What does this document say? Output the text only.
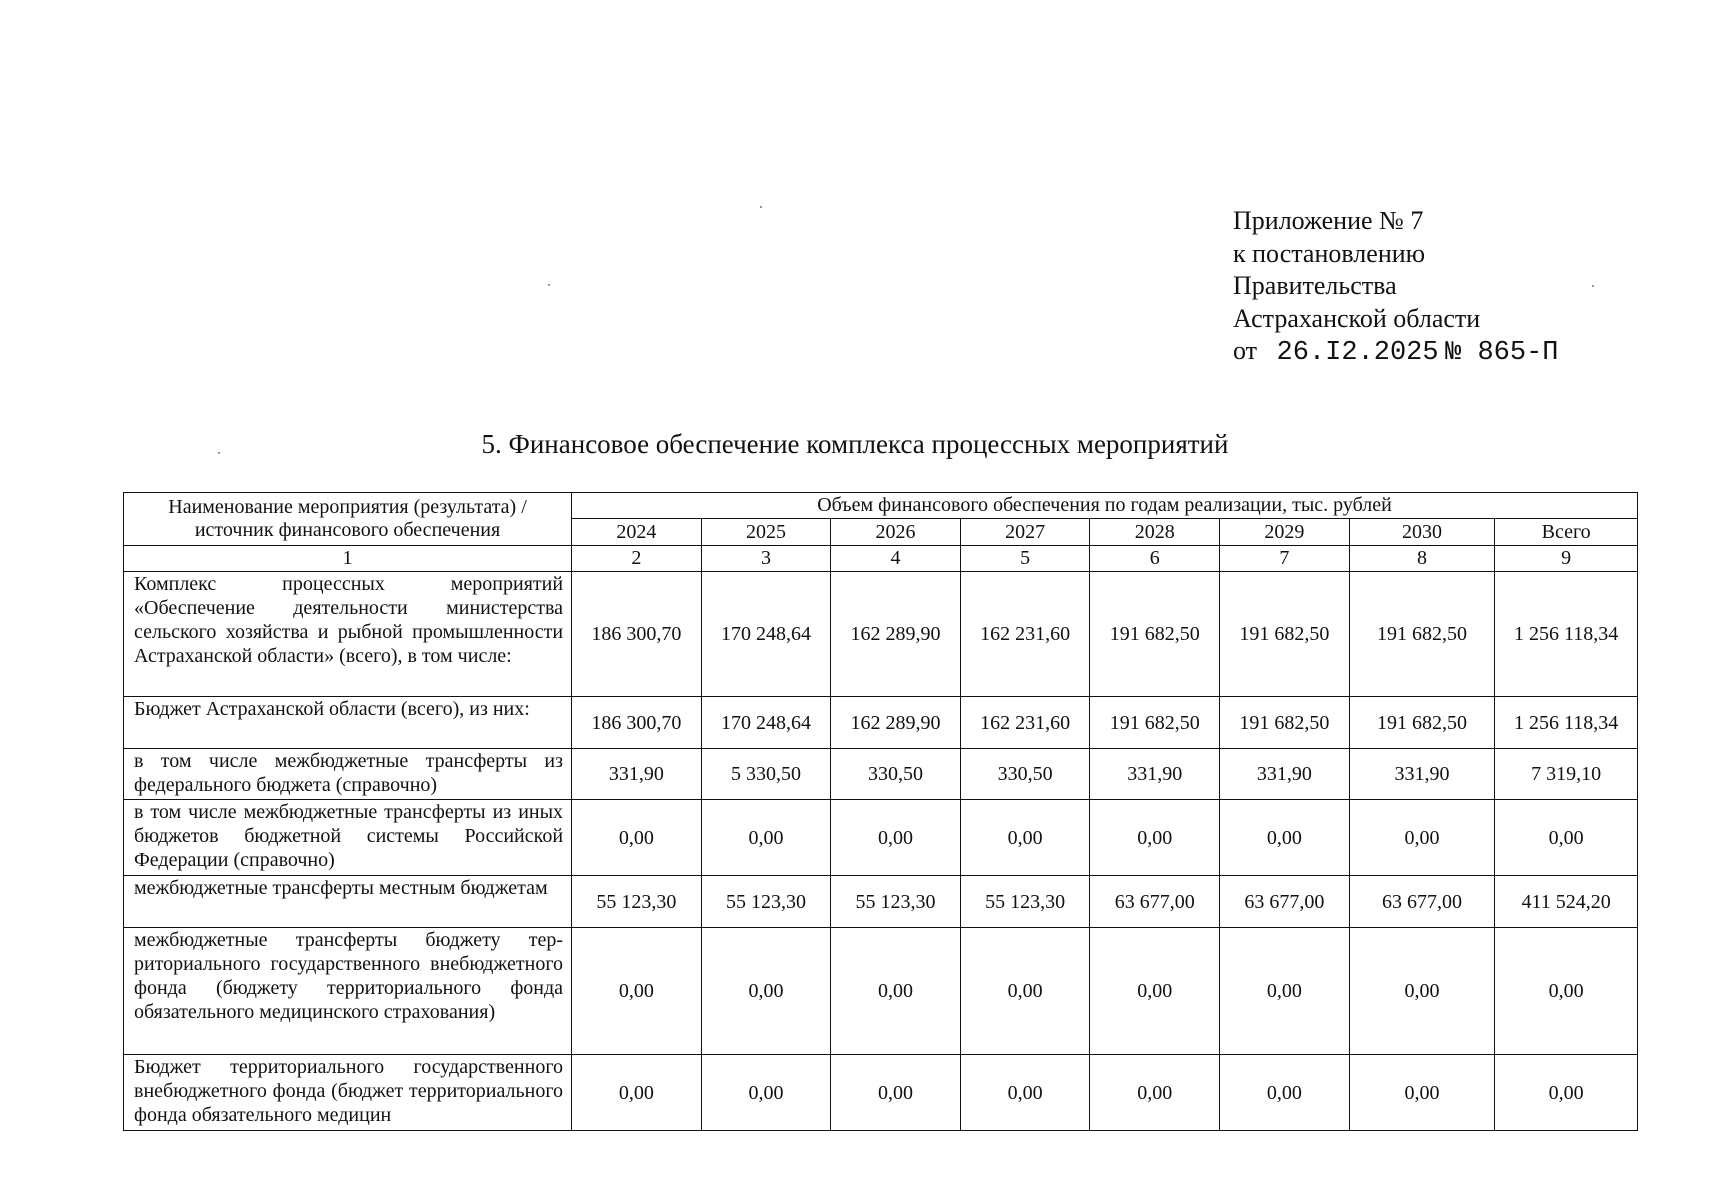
Приложение № 7
к постановлению
Правительства
Астраханской области
от 26.I2.2025 № 865-П
5. Финансовое обеспечение комплекса процессных мероприятий
Наименование мероприятия (результата) / источник финансового обеспечения	Объем финансового обеспечения по годам реализации, тыс. рублей							
	2024	2025	2026	2027	2028	2029	2030	Всего
1	2	3	4	5	6	7	8	9
Комплекс процессных мероприятий «Обеспечение деятельности министерства сельского хозяйства и рыбной промышленности Астраханской области» (всего), в том числе:	186 300,70	170 248,64	162 289,90	162 231,60	191 682,50	191 682,50	191 682,50	1 256 118,34
Бюджет Астраханской области (всего), из них:	186 300,70	170 248,64	162 289,90	162 231,60	191 682,50	191 682,50	191 682,50	1 256 118,34
в том числе межбюджетные трансферты из федерального бюджета (справочно)	331,90	5 330,50	330,50	330,50	331,90	331,90	331,90	7 319,10
в том числе межбюджетные трансферты из иных бюджетов бюджетной системы Российской Федерации (справочно)	0,00	0,00	0,00	0,00	0,00	0,00	0,00	0,00
межбюджетные трансферты местным бюджетам	55 123,30	55 123,30	55 123,30	55 123,30	63 677,00	63 677,00	63 677,00	411 524,20
межбюджетные трансферты бюджету территориального государственного внебюджетного фонда (бюджету территориального фонда обязательного медицинского страхования)	0,00	0,00	0,00	0,00	0,00	0,00	0,00	0,00
Бюджет территориального государственного внебюджетного фонда (бюджет территориального фонда обязательного медицин	0,00	0,00	0,00	0,00	0,00	0,00	0,00	0,00
